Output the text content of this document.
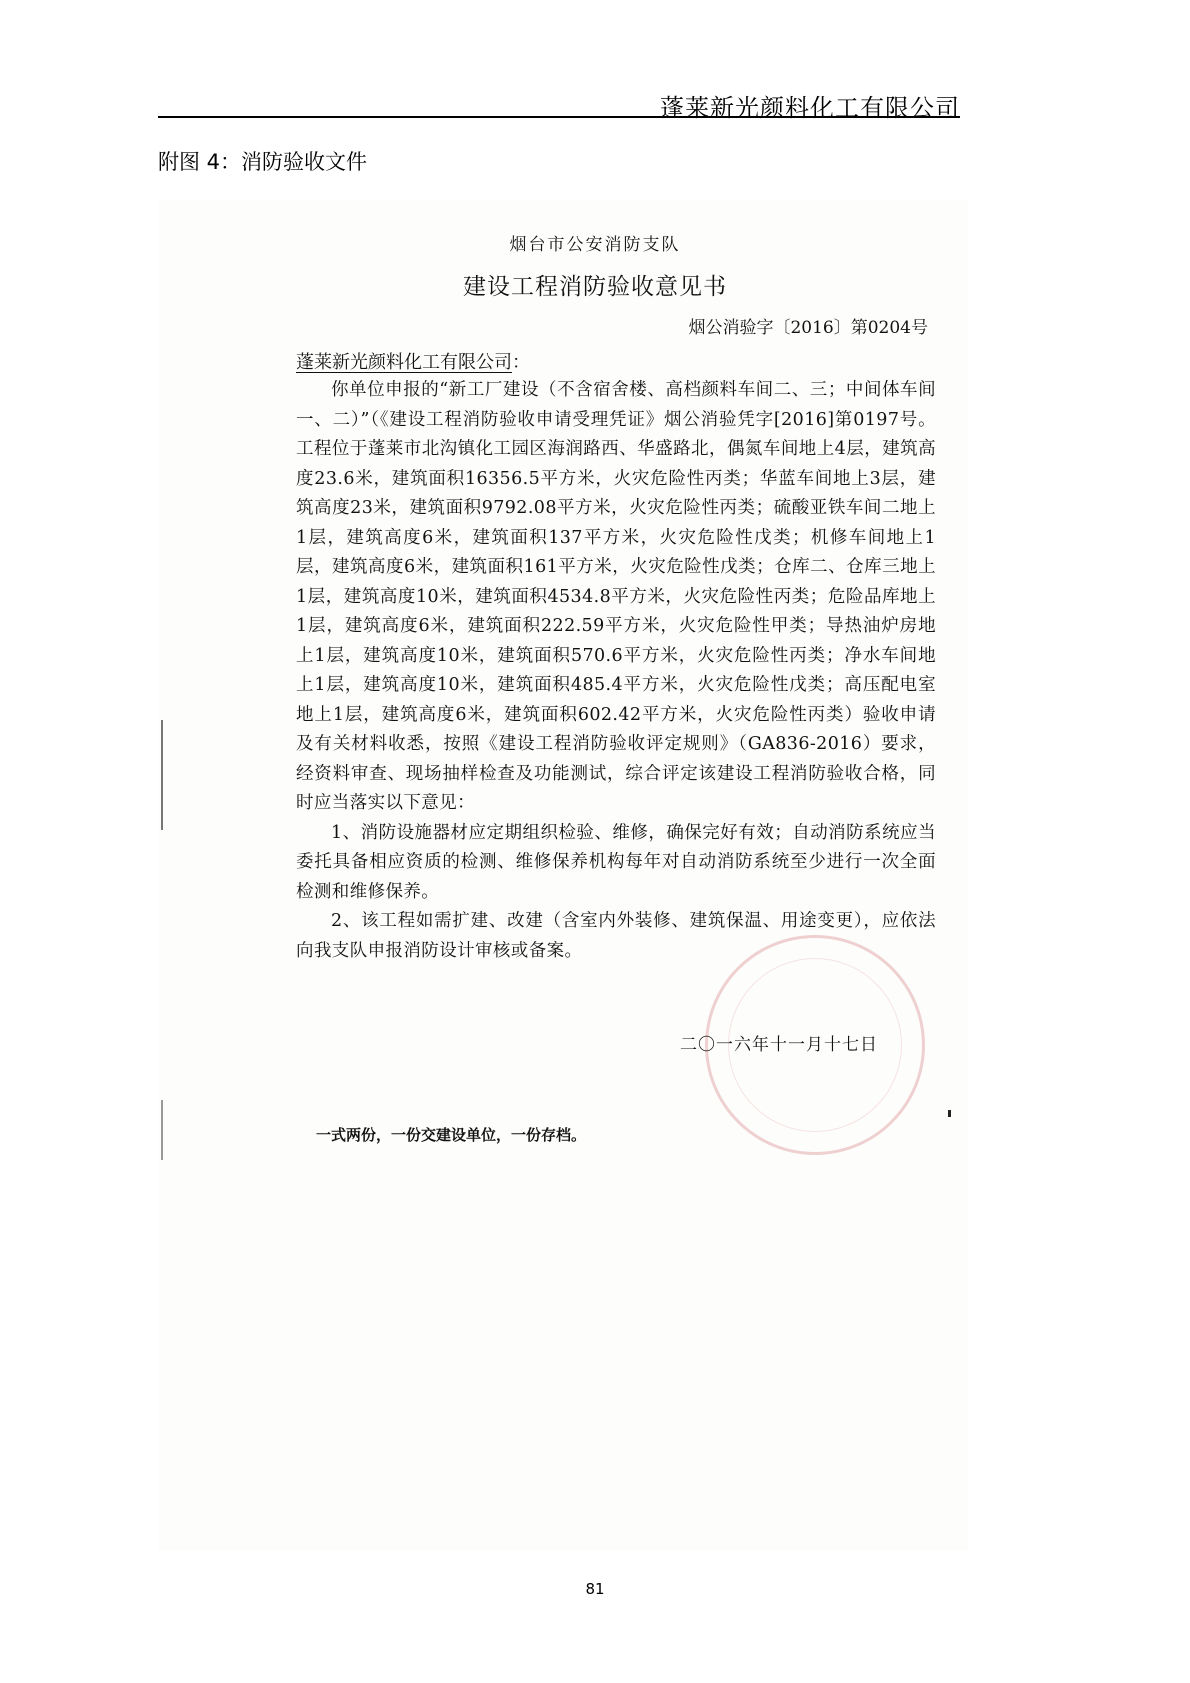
蓬莱新光颜料化工有限公司
附图 4：消防验收文件
烟台市公安消防支队
建设工程消防验收意见书
烟公消验字〔2016〕第0204号
蓬莱新光颜料化工有限公司：

你单位申报的“新工厂建设（不含宿舍楼、高档颜料车间二、三；中间体车间一、二）”（《建设工程消防验收申请受理凭证》烟公消验凭字[2016]第0197号。工程位于蓬莱市北沟镇化工园区海润路西、华盛路北，偶氮车间地上4层，建筑高度23.6米，建筑面积16356.5平方米，火灾危险性丙类；华蓝车间地上3层，建筑高度23米，建筑面积9792.08平方米，火灾危险性丙类；硫酸亚铁车间二地上1层，建筑高度6米，建筑面积137平方米，火灾危险性戊类；机修车间地上1层，建筑高度6米，建筑面积161平方米，火灾危险性戊类；仓库二、仓库三地上1层，建筑高度10米，建筑面积4534.8平方米，火灾危险性丙类；危险品库地上1层，建筑高度6米，建筑面积222.59平方米，火灾危险性甲类；导热油炉房地上1层，建筑高度10米，建筑面积570.6平方米，火灾危险性丙类；净水车间地上1层，建筑高度10米，建筑面积485.4平方米，火灾危险性戊类；高压配电室地上1层，建筑高度6米，建筑面积602.42平方米，火灾危险性丙类）验收申请及有关材料收悉，按照《建设工程消防验收评定规则》（GA836-2016）要求，经资料审查、现场抽样检查及功能测试，综合评定该建设工程消防验收合格，同时应当落实以下意见：

1、消防设施器材应定期组织检验、维修，确保完好有效；自动消防系统应当委托具备相应资质的检测、维修保养机构每年对自动消防系统至少进行一次全面检测和维修保养。

2、该工程如需扩建、改建（含室内外装修、建筑保温、用途变更），应依法向我支队申报消防设计审核或备案。

二〇一六年十一月十七日
一式两份，一份交建设单位，一份存档。
81
